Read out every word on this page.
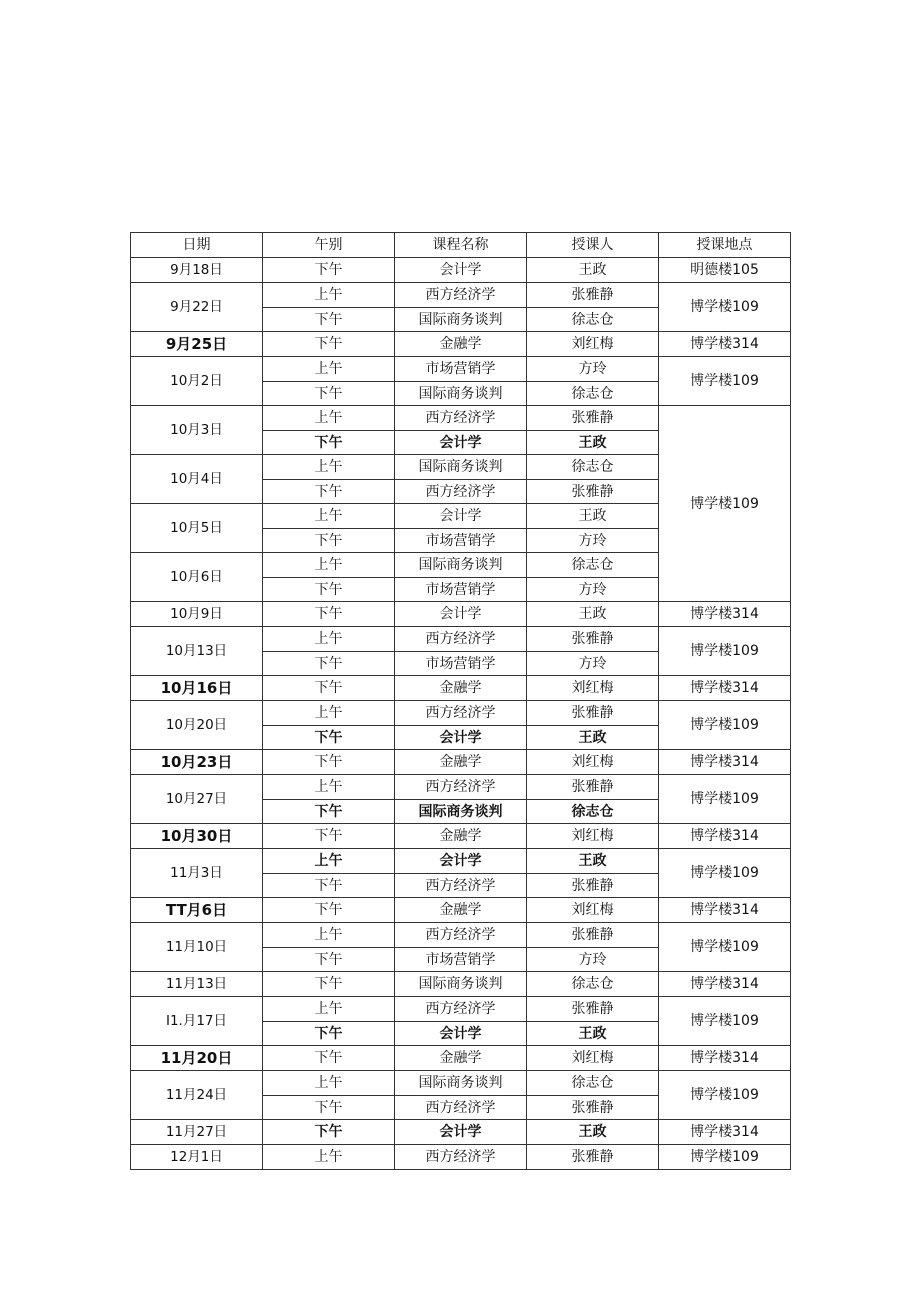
日期	午别	课程名称	授课人	授课地点
9月18日	下午	会计学	王政	明德楼105
9月22日	上午	西方经济学	张雅静	博学楼109
	下午	国际商务谈判	徐志仓	
9月25日	下午	金融学	刘红梅	博学楼314
10月2日	上午	市场营销学	方玲	博学楼109
	下午	国际商务谈判	徐志仓	
10月3日	上午	西方经济学	张雅静	博学楼109
	下午	会计学	王政	
10月4日	上午	国际商务谈判	徐志仓	
	下午	西方经济学	张雅静	
10月5日	上午	会计学	王政	
	下午	市场营销学	方玲	
10月6日	上午	国际商务谈判	徐志仓	
	下午	市场营销学	方玲	
10月9日	下午	会计学	王政	博学楼314
10月13日	上午	西方经济学	张雅静	博学楼109
	下午	市场营销学	方玲	
10月16日	下午	金融学	刘红梅	博学楼314
10月20日	上午	西方经济学	张雅静	博学楼109
	下午	会计学	王政	
10月23日	下午	金融学	刘红梅	博学楼314
10月27日	上午	西方经济学	张雅静	博学楼109
	下午	国际商务谈判	徐志仓	
10月30日	下午	金融学	刘红梅	博学楼314
11月3日	上午	会计学	王政	博学楼109
	下午	西方经济学	张雅静	
TT月6日	下午	金融学	刘红梅	博学楼314
11月10日	上午	西方经济学	张雅静	博学楼109
	下午	市场营销学	方玲	
11月13日	下午	国际商务谈判	徐志仓	博学楼314
I1.月17日	上午	西方经济学	张雅静	博学楼109
	下午	会计学	王政	
11月20日	下午	金融学	刘红梅	博学楼314
11月24日	上午	国际商务谈判	徐志仓	博学楼109
	下午	西方经济学	张雅静	
11月27日	下午	会计学	王政	博学楼314
12月1日	上午	西方经济学	张雅静	博学楼109
